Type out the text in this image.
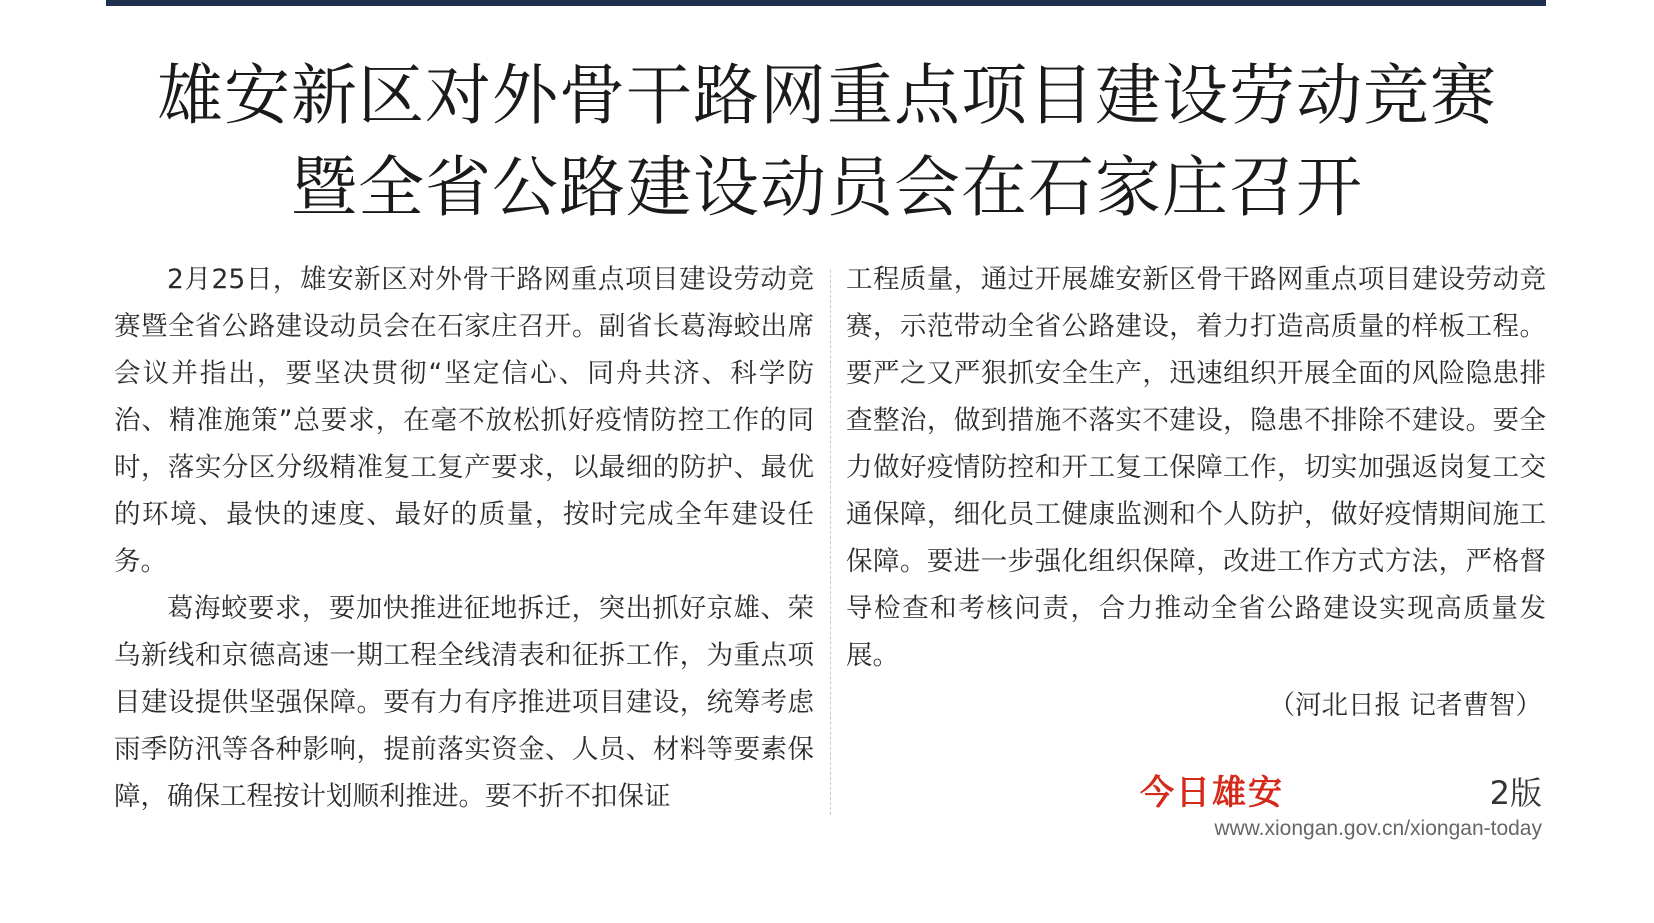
雄安新区对外骨干路网重点项目建设劳动竞赛
暨全省公路建设动员会在石家庄召开

2月25日，雄安新区对外骨干路网重点项目建设劳动竞赛暨全省公路建设动员会在石家庄召开。副省长葛海蛟出席会议并指出，要坚决贯彻“坚定信心、同舟共济、科学防治、精准施策”总要求，在毫不放松抓好疫情防控工作的同时，落实分区分级精准复工复产要求，以最细的防护、最优的环境、最快的速度、最好的质量，按时完成全年建设任务。

葛海蛟要求，要加快推进征地拆迁，突出抓好京雄、荣乌新线和京德高速一期工程全线清表和征拆工作，为重点项目建设提供坚强保障。要有力有序推进项目建设，统筹考虑雨季防汛等各种影响，提前落实资金、人员、材料等要素保障，确保工程按计划顺利推进。要不折不扣保证

工程质量，通过开展雄安新区骨干路网重点项目建设劳动竞赛，示范带动全省公路建设，着力打造高质量的样板工程。要严之又严狠抓安全生产，迅速组织开展全面的风险隐患排查整治，做到措施不落实不建设，隐患不排除不建设。要全力做好疫情防控和开工复工保障工作，切实加强返岗复工交通保障，细化员工健康监测和个人防护，做好疫情期间施工保障。要进一步强化组织保障，改进工作方式方法，严格督导检查和考核问责，合力推动全省公路建设实现高质量发展。

（河北日报 记者曹智）
今日雄安	2版
www.xiongan.gov.cn/xiongan-today
